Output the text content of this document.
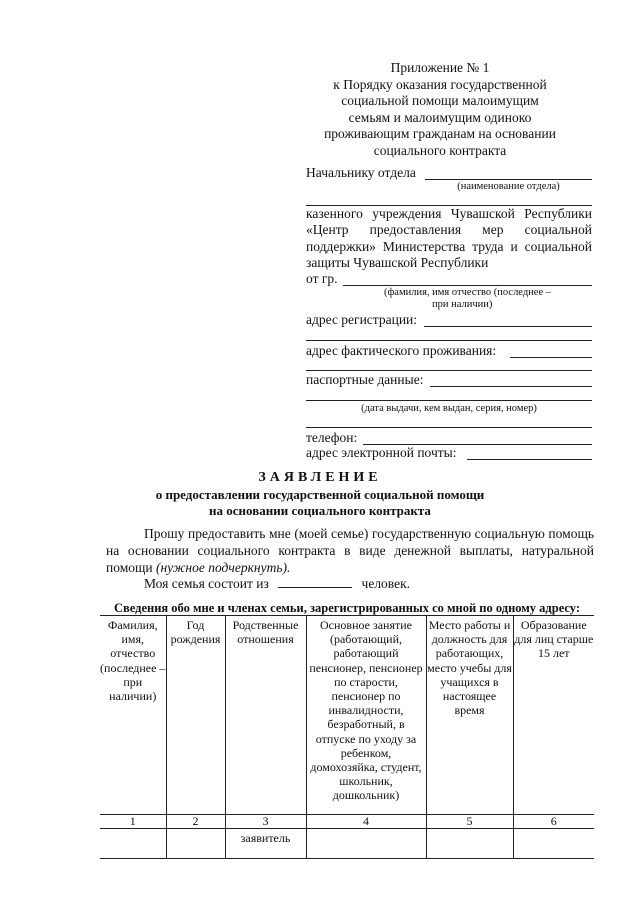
Приложение № 1
к Порядку оказания государственной
социальной помощи малоимущим
семьям и малоимущим одиноко
проживающим гражданам на основании
социального контракта
Начальнику отдела
(наименование отдела)
казенного учреждения Чувашской Республики «Центр предоставления мер социальной поддержки» Министерства труда и социальной защиты Чувашской Республики
от гр.
(фамилия, имя отчество (последнее –
при наличии)
адрес регистрации:
адрес фактического проживания:
паспортные данные:
(дата выдачи, кем выдан, серия, номер)
телефон:
адрес электронной почты:
ЗАЯВЛЕНИЕ
о предоставлении государственной социальной помощи
на основании социального контракта
Прошу предоставить мне (моей семье) государственную социальную помощь на основании социального контракта в виде денежной выплаты, натуральной помощи (нужное подчеркнуть).
Моя семья состоит из	человек.
Сведения обо мне и членах семьи, зарегистрированных со мной по одному адресу:					
Фамилия, имя, отчество (последнее – при наличии)	Год рождения	Родственные отношения	Основное занятие (работающий, работающий пенсионер, пенсионер по старости, пенсионер по инвалидности, безработный, в отпуске по уходу за ребенком, домохозяйка, студент, школьник, дошкольник)	Место работы и должность для работающих, место учебы для учащихся в настоящее время	Образование для лиц старше 15 лет
1	2	3	4	5	6
		заявитель			
